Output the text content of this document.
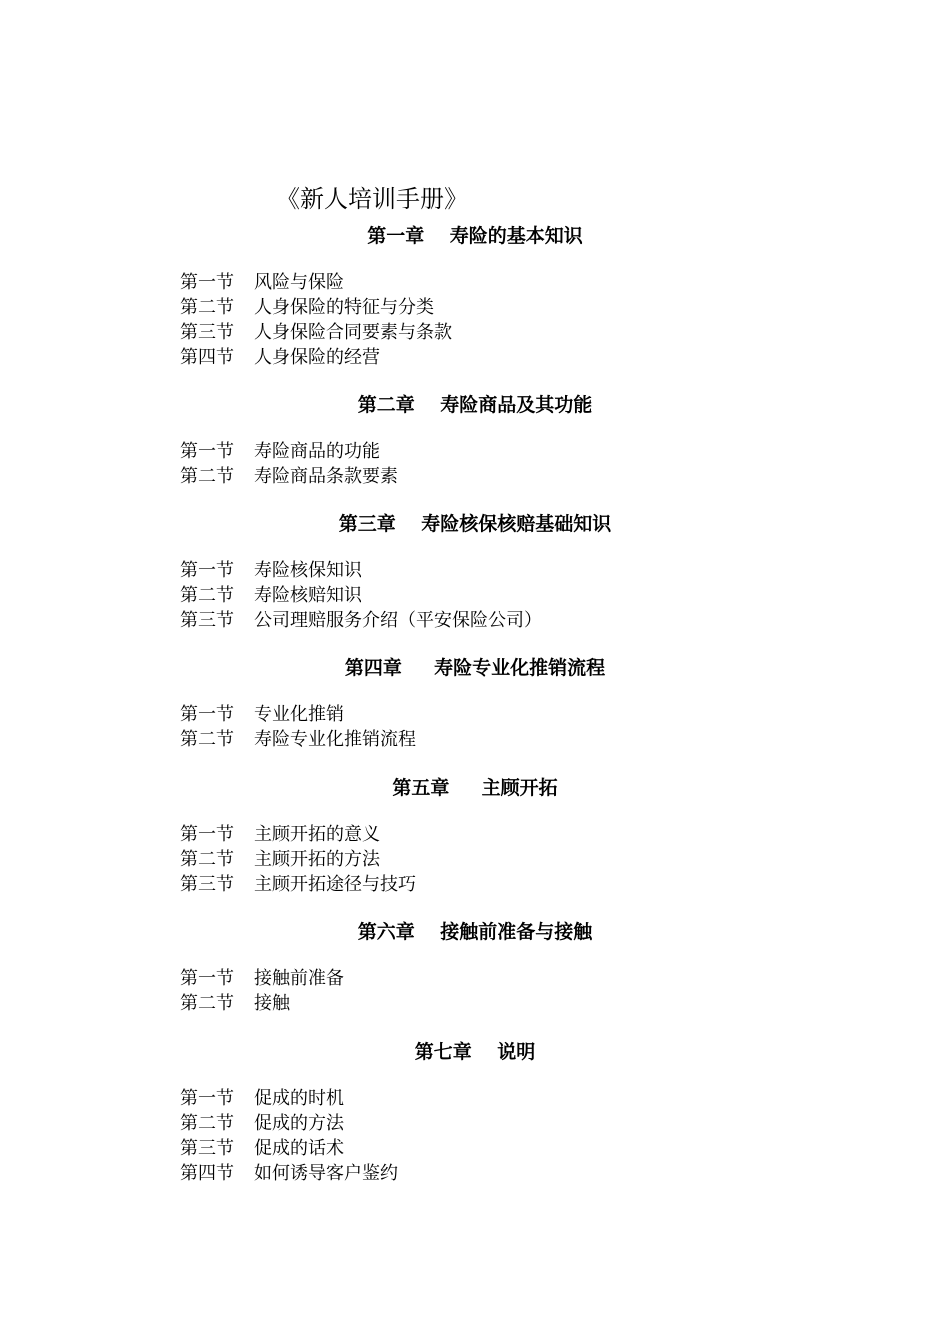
《新人培训手册》
第一章　 寿险的基本知识
第一节	风险与保险
第二节	人身保险的特征与分类
第三节	人身保险合同要素与条款
第四节	人身保险的经营
第二章　 寿险商品及其功能
第一节	寿险商品的功能
第二节	寿险商品条款要素
第三章　 寿险核保核赔基础知识
第一节	寿险核保知识
第二节	寿险核赔知识
第三节	公司理赔服务介绍（平安保险公司）
第四章　  寿险专业化推销流程
第一节	专业化推销
第二节	寿险专业化推销流程
第五章　  主顾开拓
第一节	主顾开拓的意义
第二节	主顾开拓的方法
第三节	主顾开拓途径与技巧
第六章　 接触前准备与接触
第一节	接触前准备
第二节	接触
第七章　 说明
第一节	促成的时机
第二节	促成的方法
第三节	促成的话术
第四节	如何诱导客户鉴约
